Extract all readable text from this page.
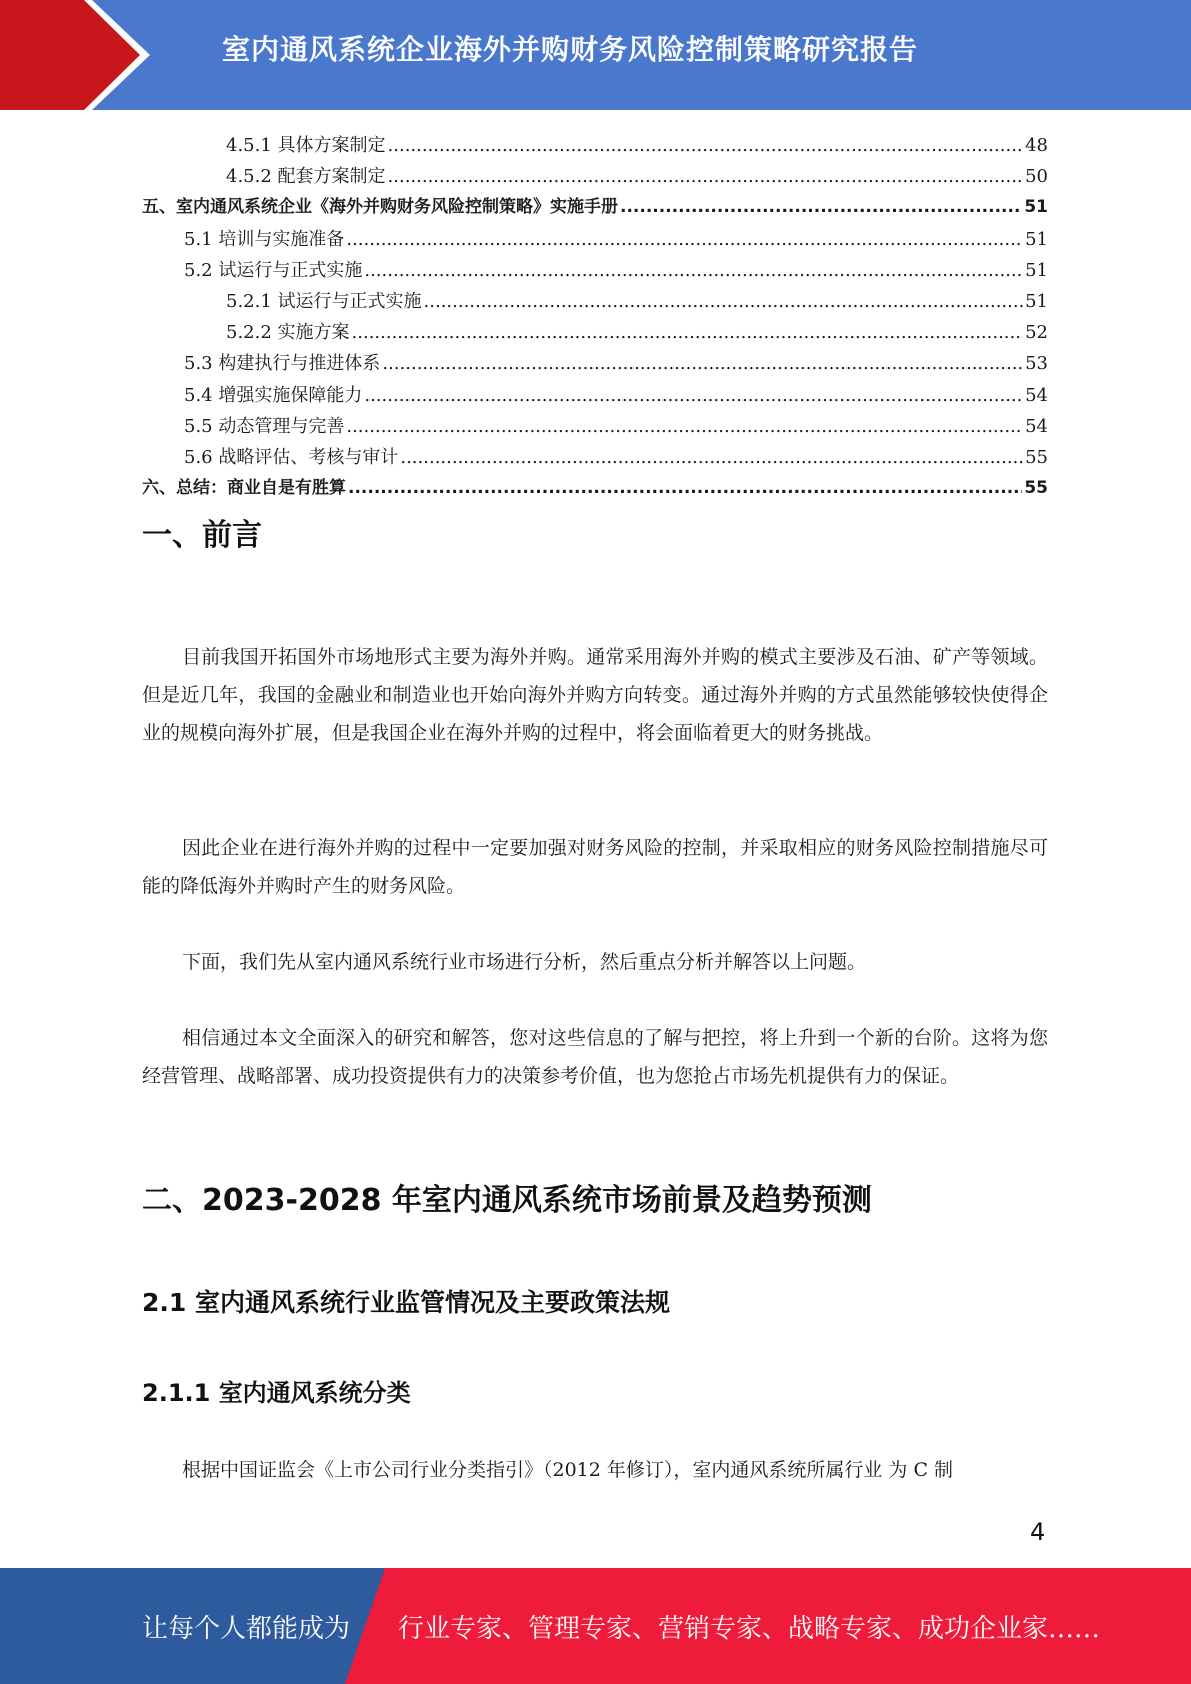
室内通风系统企业海外并购财务风险控制策略研究报告
4.5.1 具体方案制定 .....	48
4.5.2 配套方案制定 .....	50
五、室内通风系统企业《海外并购财务风险控制策略》实施手册 .....	51
5.1 培训与实施准备 .....	51
5.2 试运行与正式实施 .....	51
5.2.1 试运行与正式实施 .....	51
5.2.2 实施方案 .....	52
5.3 构建执行与推进体系 .....	53
5.4 增强实施保障能力 .....	54
5.5 动态管理与完善 .....	54
5.6 战略评估、考核与审计 .....	55
六、总结：商业自是有胜算 .....	55
一、前言
目前我国开拓国外市场地形式主要为海外并购。通常采用海外并购的模式主要涉及石油、矿产等领域。但是近几年，我国的金融业和制造业也开始向海外并购方向转变。通过海外并购的方式虽然能够较快使得企业的规模向海外扩展，但是我国企业在海外并购的过程中，将会面临着更大的财务挑战。
因此企业在进行海外并购的过程中一定要加强对财务风险的控制，并采取相应的财务风险控制措施尽可能的降低海外并购时产生的财务风险。
下面，我们先从室内通风系统行业市场进行分析，然后重点分析并解答以上问题。
相信通过本文全面深入的研究和解答，您对这些信息的了解与把控，将上升到一个新的台阶。这将为您经营管理、战略部署、成功投资提供有力的决策参考价值，也为您抢占市场先机提供有力的保证。
二、2023-2028 年室内通风系统市场前景及趋势预测
2.1 室内通风系统行业监管情况及主要政策法规
2.1.1 室内通风系统分类
根据中国证监会《上市公司行业分类指引》（2012 年修订），室内通风系统所属行业 为 C 制
4
让每个人都能成为 行业专家、管理专家、营销专家、战略专家、成功企业家……
